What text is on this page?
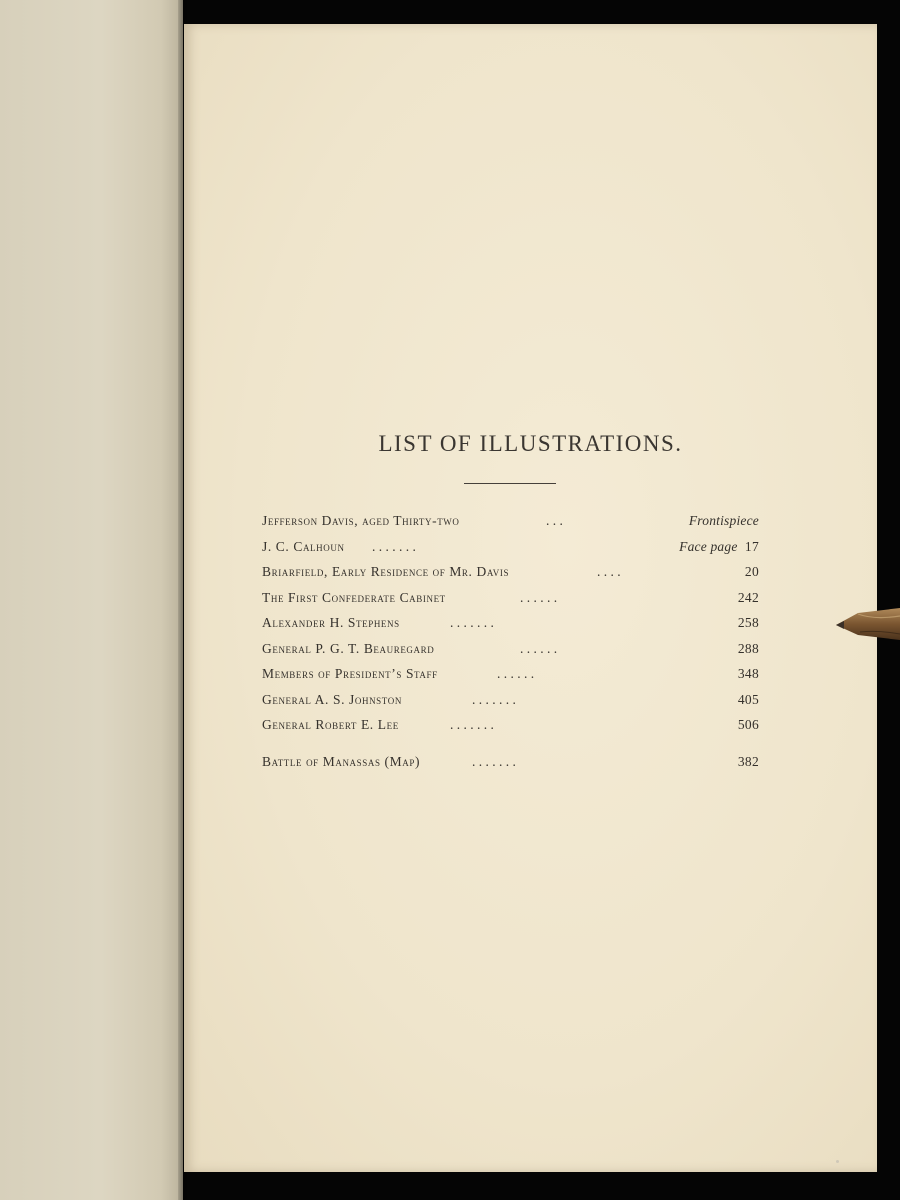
LIST OF ILLUSTRATIONS.
Jefferson Davis, aged Thirty-two	. . .	Frontispiece
J. C. Calhoun . . . . . . .	Face page 17
Briarfield, Early Residence of Mr. Davis	. . . .	20
The First Confederate Cabinet	. . . . . .	242
Alexander H. Stephens	. . . . . . .	258
General P. G. T. Beauregard	. . . . . .	288
Members of President’s Staff	. . . . . .	348
General A. S. Johnston	. . . . . . .	405
General Robert E. Lee	. . . . . . .	506
Battle of Manassas (Map)	. . . . . . .	382
